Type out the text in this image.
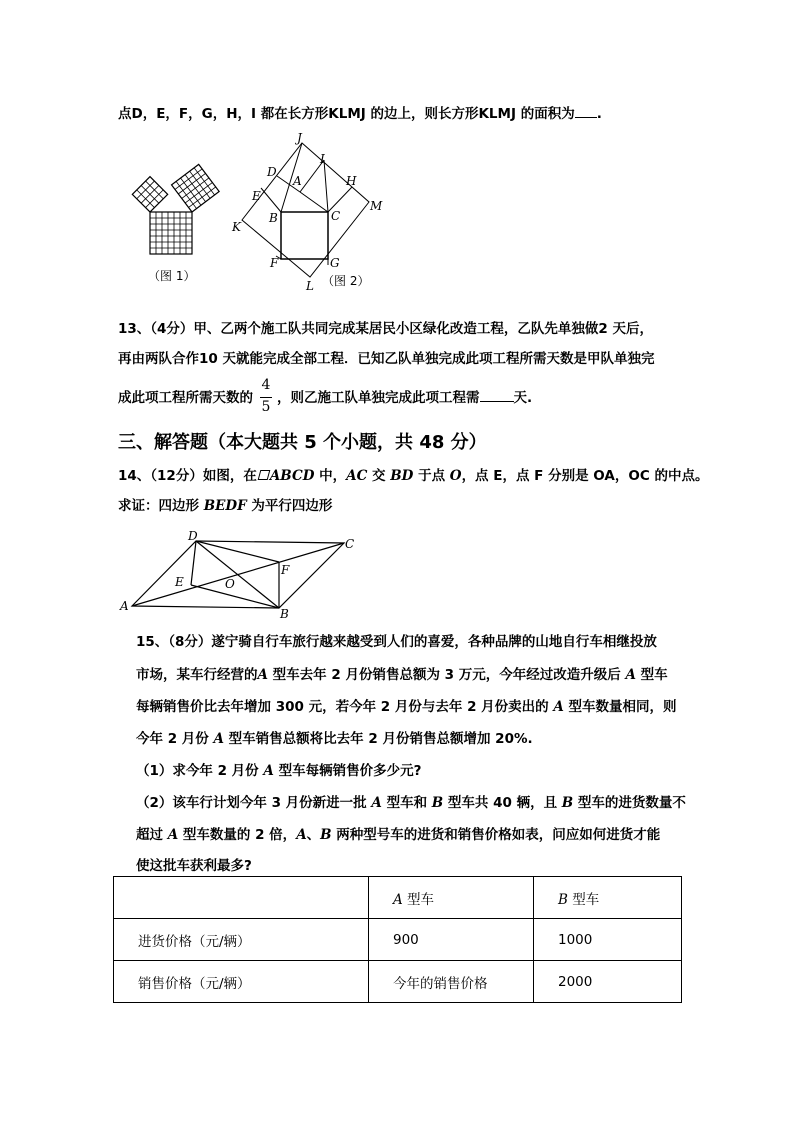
点D，E，F，G，H，I 都在长方形KLMJ 的边上，则长方形KLMJ 的面积为 .
（图 1）
J
I
D
A	H
E
M
B	C
K
F	G
L （图 2）
13、（4分）甲、乙两个施工队共同完成某居民小区绿化改造工程，乙队先单独做2 天后，
再由两队合作10 天就能完成全部工程．已知乙队单独完成此项工程所需天数是甲队单独完
成此项工程所需天数的 ，则乙施工队单独完成此项工程需	天.
4
5
三、解答题（本大题共 5 个小题，共 48 分）
14、（12分）如图，在 ABCD 中，AC 交 BD 于点 O，点 E，点 F 分别是 OA，OC 的中点。
求证：四边形 BEDF 为平行四边形
D
C
E	O
F
A
B
15、（8分）遂宁骑自行车旅行越来越受到人们的喜爱，各种品牌的山地自行车相继投放
市场，某车行经营的A 型车去年 2 月份销售总额为 3 万元，今年经过改造升级后 A 型车
每辆销售价比去年增加 300 元，若今年 2 月份与去年 2 月份卖出的 A 型车数量相同，则
今年 2 月份 A 型车销售总额将比去年 2 月份销售总额增加 20%.
（1）求今年 2 月份 A 型车每辆销售价多少元?
（2）该车行计划今年 3 月份新进一批 A 型车和 B 型车共 40 辆，且 B 型车的进货数量不
超过 A 型车数量的 2 倍，A、B 两种型号车的进货和销售价格如表，问应如何进货才能
使这批车获利最多?
	A 型车	B 型车
进货价格（元/辆）	900	1000
销售价格（元/辆）	今年的销售价格	2000
